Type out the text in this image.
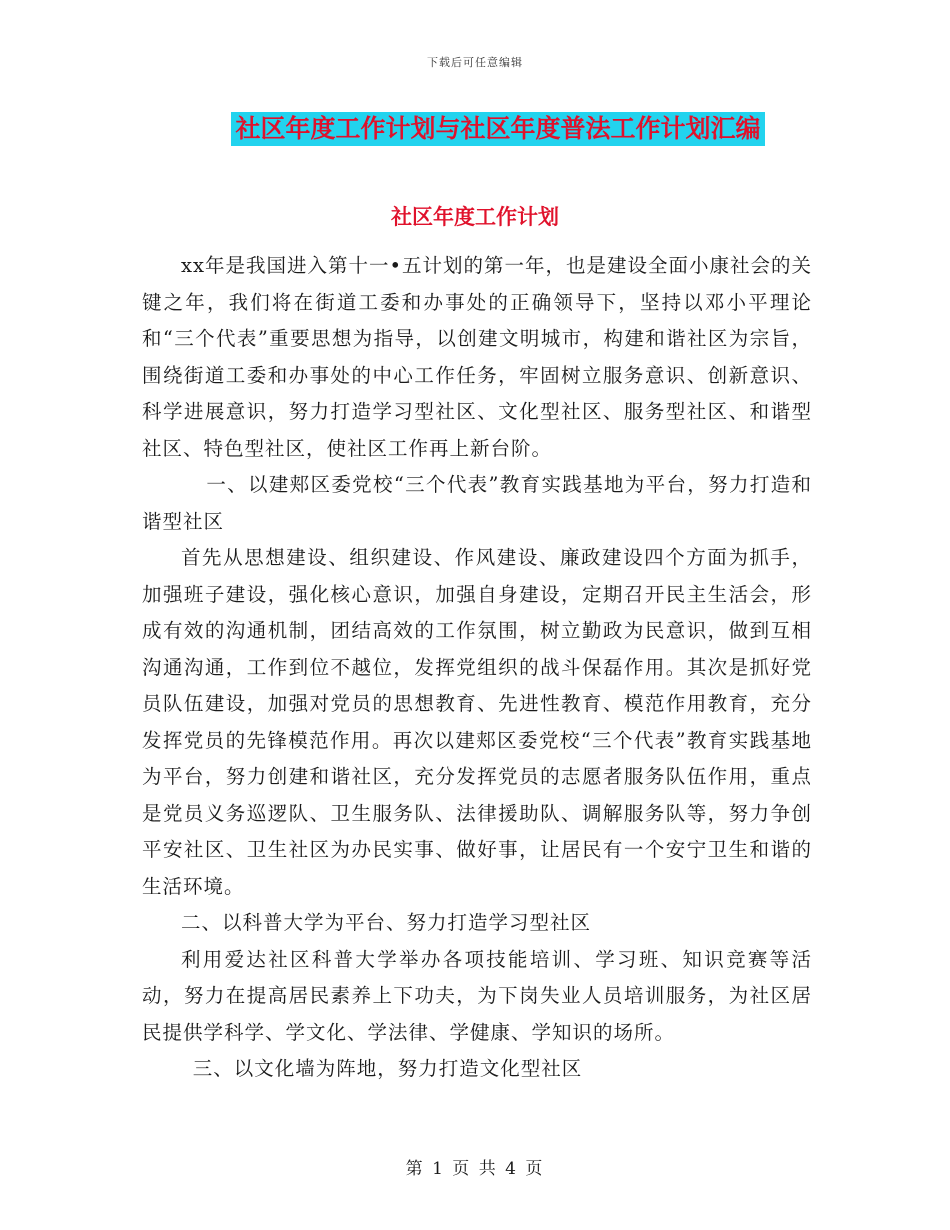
下载后可任意编辑
社区年度工作计划与社区年度普法工作计划汇编
社区年度工作计划

xx年是我国进入第十一•五计划的第一年，也是建设全面小康社会的关键之年，我们将在街道工委和办事处的正确领导下，坚持以邓小平理论和“三个代表”重要思想为指导，以创建文明城市，构建和谐社区为宗旨，围绕街道工委和办事处的中心工作任务，牢固树立服务意识、创新意识、科学进展意识，努力打造学习型社区、文化型社区、服务型社区、和谐型社区、特色型社区，使社区工作再上新台阶。

一、以建郏区委党校“三个代表”教育实践基地为平台，努力打造和谐型社区

首先从思想建设、组织建设、作风建设、廉政建设四个方面为抓手，加强班子建设，强化核心意识，加强自身建设，定期召开民主生活会，形成有效的沟通机制，团结高效的工作氛围，树立勤政为民意识，做到互相沟通沟通，工作到位不越位，发挥党组织的战斗保磊作用。其次是抓好党员队伍建设，加强对党员的思想教育、先进性教育、模范作用教育，充分发挥党员的先锋模范作用。再次以建郏区委党校“三个代表”教育实践基地为平台，努力创建和谐社区，充分发挥党员的志愿者服务队伍作用，重点是党员义务巡逻队、卫生服务队、法律援助队、调解服务队等，努力争创平安社区、卫生社区为办民实事、做好事，让居民有一个安宁卫生和谐的生活环境。

二、以科普大学为平台、努力打造学习型社区

利用爱达社区科普大学举办各项技能培训、学习班、知识竞赛等活动，努力在提高居民素养上下功夫，为下岗失业人员培训服务，为社区居民提供学科学、学文化、学法律、学健康、学知识的场所。

三、以文化墙为阵地，努力打造文化型社区

第 1 页 共 4 页
